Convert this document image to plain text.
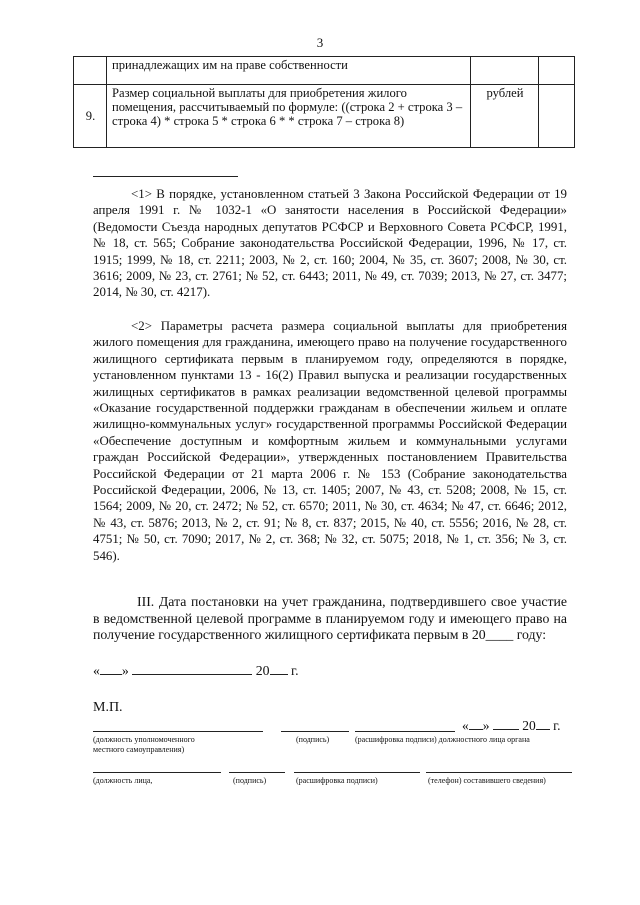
3
	принадлежащих им на праве собственности		
9.	Размер социальной выплаты для приобретения жилого помещения, рассчитываемый по формуле: ((строка 2 + строка 3 – строка 4) * строка 5 * строка 6 * * строка 7 – строка 8)	рублей	

<1> В порядке, установленном статьей 3 Закона Российской Федерации от 19 апреля 1991 г. № 1032-1 «О занятости населения в Российской Федерации» (Ведомости Съезда народных депутатов РСФСР и Верховного Совета РСФСР, 1991, № 18, ст. 565; Собрание законодательства Российской Федерации, 1996, № 17, ст. 1915; 1999, № 18, ст. 2211; 2003, № 2, ст. 160; 2004, № 35, ст. 3607; 2008, № 30, ст. 3616; 2009, № 23, ст. 2761; № 52, ст. 6443; 2011, № 49, ст. 7039; 2013, № 27, ст. 3477; 2014, № 30, ст. 4217).

<2> Параметры расчета размера социальной выплаты для приобретения жилого помещения для гражданина, имеющего право на получение государственного жилищного сертификата первым в планируемом году, определяются в порядке, установленном пунктами 13 - 16(2) Правил выпуска и реализации государственных жилищных сертификатов в рамках реализации ведомственной целевой программы «Оказание государственной поддержки гражданам в обеспечении жильем и оплате жилищно-коммунальных услуг» государственной программы Российской Федерации «Обеспечение доступным и комфортным жильем и коммунальными услугами граждан Российской Федерации», утвержденных постановлением Правительства Российской Федерации от 21 марта 2006 г. № 153 (Собрание законодательства Российской Федерации, 2006, № 13, ст. 1405; 2007, № 43, ст. 5208; 2008, № 15, ст. 1564; 2009, № 20, ст. 2472; № 52, ст. 6570; 2011, № 30, ст. 4634; № 47, ст. 6646; 2012, № 43, ст. 5876; 2013, № 2, ст. 91; № 8, ст. 837; 2015, № 40, ст. 5556; 2016, № 28, ст. 4751; № 50, ст. 7090; 2017, № 2, ст. 368; № 32, ст. 5075; 2018, № 1, ст. 356; № 3, ст. 546).

III. Дата постановки на учет гражданина, подтвердившего свое участие в ведомственной целевой программе в планируемом году и имеющего право на получение государственного жилищного сертификата первым в 20____ году:

« »	20 г.
М.П.
« » 20 г.
(должность уполномоченного
местного самоуправления)
(подпись)	(расшифровка подписи) должностного лица органа
(должность лица,	(подпись)	(расшифровка подписи)	(телефон) составившего сведения)
